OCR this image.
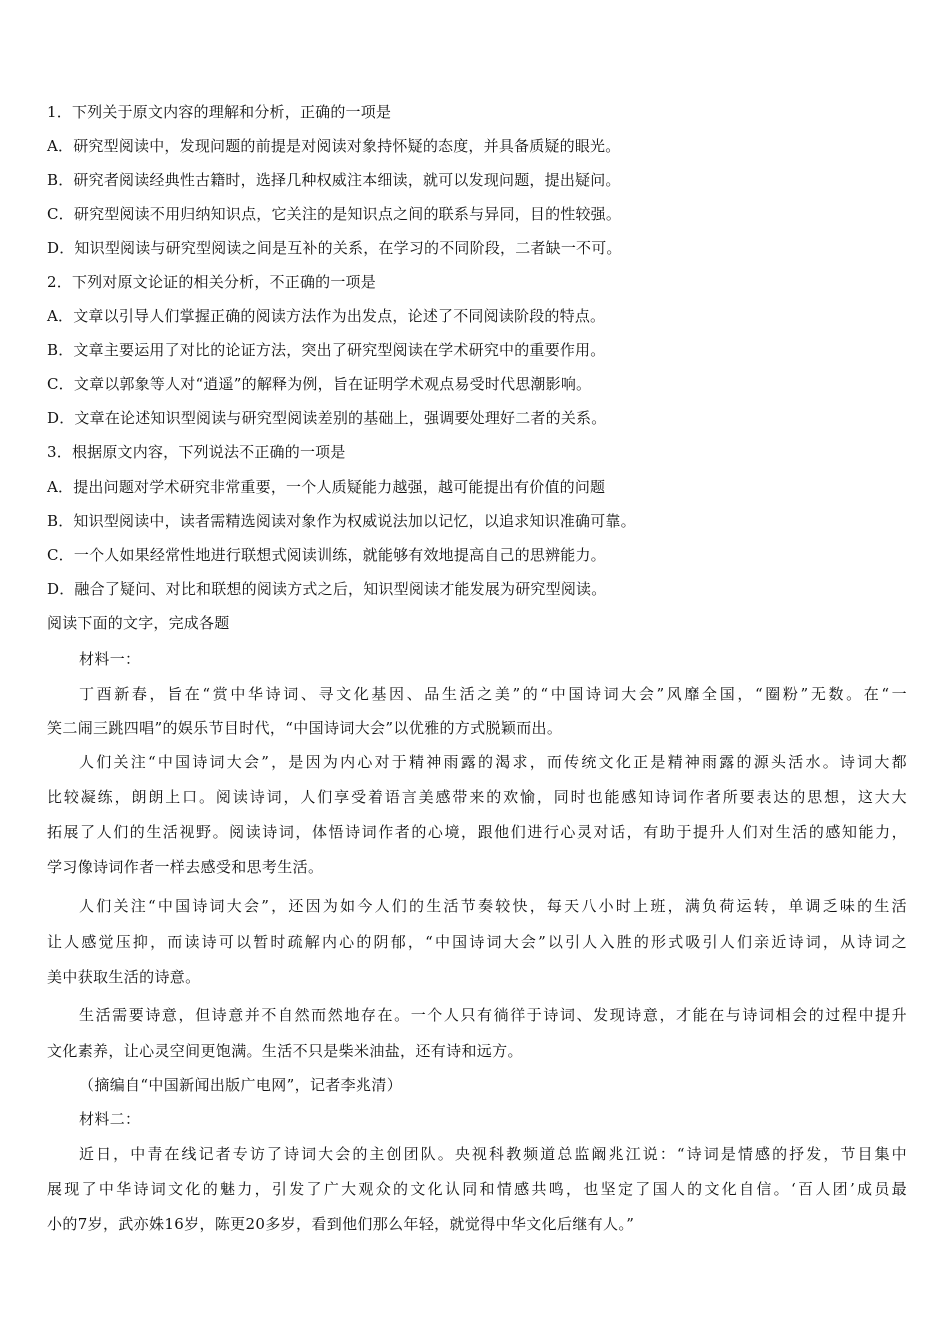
1．下列关于原文内容的理解和分析，正确的一项是
A．研究型阅读中，发现问题的前提是对阅读对象持怀疑的态度，并具备质疑的眼光。
B．研究者阅读经典性古籍时，选择几种权威注本细读，就可以发现问题，提出疑问。
C．研究型阅读不用归纳知识点，它关注的是知识点之间的联系与异同，目的性较强。
D．知识型阅读与研究型阅读之间是互补的关系，在学习的不同阶段，二者缺一不可。
2．下列对原文论证的相关分析，不正确的一项是
A．文章以引导人们掌握正确的阅读方法作为出发点，论述了不同阅读阶段的特点。
B．文章主要运用了对比的论证方法，突出了研究型阅读在学术研究中的重要作用。
C．文章以郭象等人对“逍遥”的解释为例，旨在证明学术观点易受时代思潮影响。
D．文章在论述知识型阅读与研究型阅读差别的基础上，强调要处理好二者的关系。
3．根据原文内容，下列说法不正确的一项是
A．提出问题对学术研究非常重要，一个人质疑能力越强，越可能提出有价值的问题
B．知识型阅读中，读者需精选阅读对象作为权威说法加以记忆，以追求知识准确可靠。
C．一个人如果经常性地进行联想式阅读训练，就能够有效地提高自己的思辨能力。
D．融合了疑问、对比和联想的阅读方式之后，知识型阅读才能发展为研究型阅读。
阅读下面的文字，完成各题
材料一：
丁酉新春，旨在“赏中华诗词、寻文化基因、品生活之美”的“中国诗词大会”风靡全国，“圈粉”无数。在“一
笑二闹三跳四唱”的娱乐节目时代，“中国诗词大会”以优雅的方式脱颖而出。
人们关注“中国诗词大会”，是因为内心对于精神雨露的渴求，而传统文化正是精神雨露的源头活水。诗词大都
比较凝练，朗朗上口。阅读诗词，人们享受着语言美感带来的欢愉，同时也能感知诗词作者所要表达的思想，这大大
拓展了人们的生活视野。阅读诗词，体悟诗词作者的心境，跟他们进行心灵对话，有助于提升人们对生活的感知能力，
学习像诗词作者一样去感受和思考生活。
人们关注“中国诗词大会”，还因为如今人们的生活节奏较快，每天八小时上班，满负荷运转，单调乏味的生活
让人感觉压抑，而读诗可以暂时疏解内心的阴郁，“中国诗词大会”以引人入胜的形式吸引人们亲近诗词，从诗词之
美中获取生活的诗意。
生活需要诗意，但诗意并不自然而然地存在。一个人只有徜徉于诗词、发现诗意，才能在与诗词相会的过程中提升
文化素养，让心灵空间更饱满。生活不只是柴米油盐，还有诗和远方。
（摘编自“中国新闻出版广电网”，记者李兆清）
材料二：
近日，中青在线记者专访了诗词大会的主创团队。央视科教频道总监阚兆江说：“诗词是情感的抒发，节目集中
展现了中华诗词文化的魅力，引发了广大观众的文化认同和情感共鸣，也坚定了国人的文化自信。‘百人团’成员最
小的7岁，武亦姝16岁，陈更20多岁，看到他们那么年轻，就觉得中华文化后继有人。”
